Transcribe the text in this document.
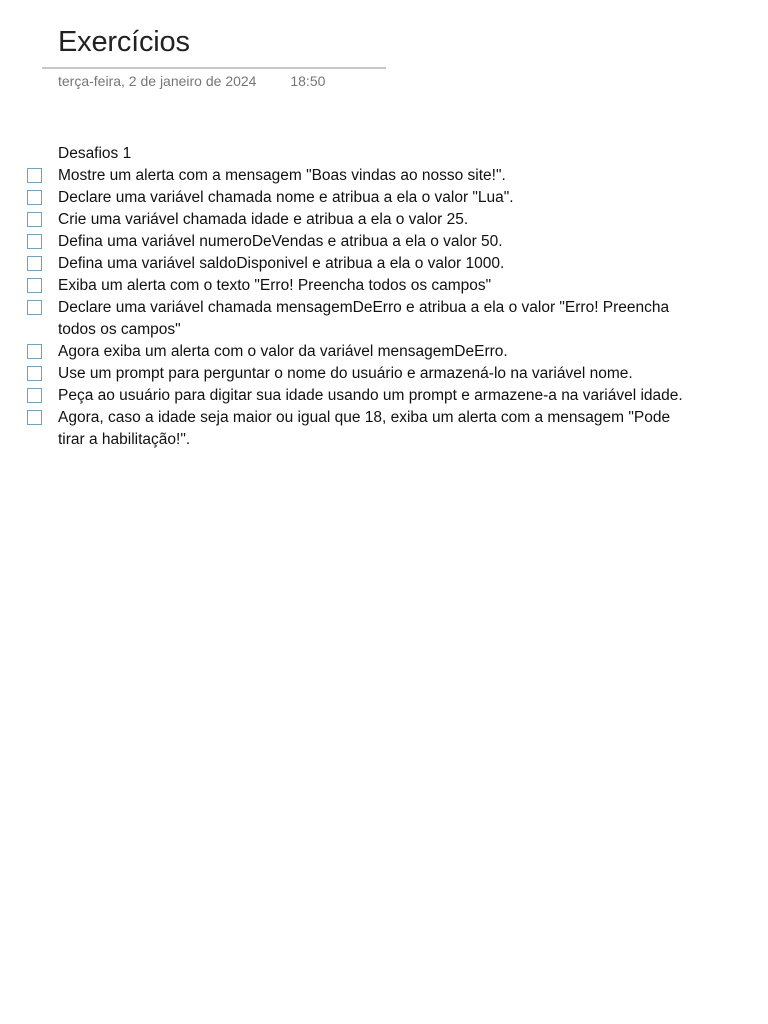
Exercícios
terça-feira, 2 de janeiro de 2024 18:50
Desafios 1
Mostre um alerta com a mensagem "Boas vindas ao nosso site!".
Declare uma variável chamada nome e atribua a ela o valor "Lua".
Crie uma variável chamada idade e atribua a ela o valor 25.
Defina uma variável numeroDeVendas e atribua a ela o valor 50.
Defina uma variável saldoDisponivel e atribua a ela o valor 1000.
Exiba um alerta com o texto "Erro! Preencha todos os campos"
Declare uma variável chamada mensagemDeErro e atribua a ela o valor "Erro! Preencha
todos os campos"
Agora exiba um alerta com o valor da variável mensagemDeErro.
Use um prompt para perguntar o nome do usuário e armazená-lo na variável nome.
Peça ao usuário para digitar sua idade usando um prompt e armazene-a na variável idade.
Agora, caso a idade seja maior ou igual que 18, exiba um alerta com a mensagem "Pode
tirar a habilitação!".
